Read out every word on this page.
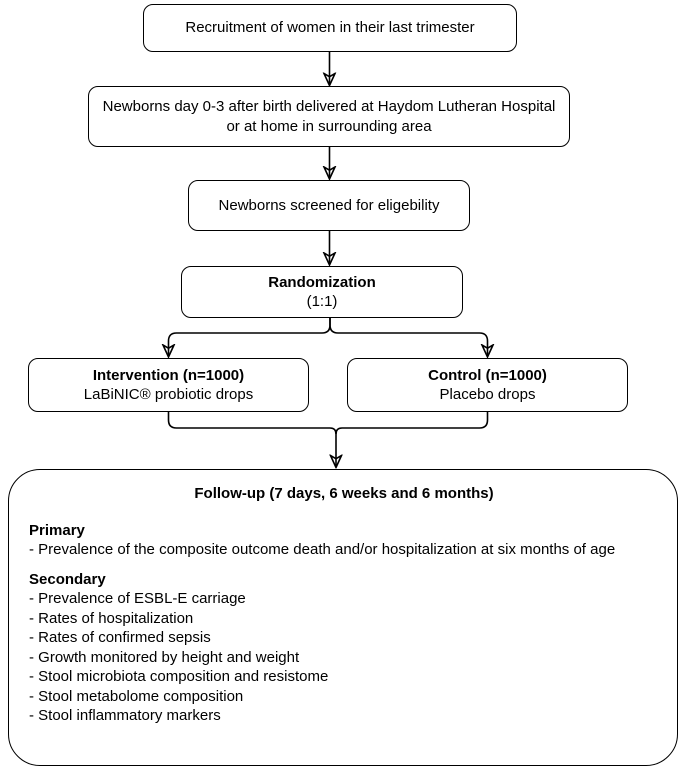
Recruitment of women in their last trimester
Newborns day 0-3 after birth delivered at Haydom Lutheran Hospital or at home in surrounding area
Newborns screened for eligebility
Randomization
(1:1)
Intervention (n=1000)
LaBiNIC® probiotic drops
Control (n=1000)
Placebo drops
Follow-up (7 days, 6 weeks and 6 months)
Primary
- Prevalence of the composite outcome death and/or hospitalization at six months of age
Secondary
- Prevalence of ESBL-E carriage
- Rates of hospitalization
- Rates of confirmed sepsis
- Growth monitored by height and weight
- Stool microbiota composition and resistome
- Stool metabolome composition
- Stool inflammatory markers
